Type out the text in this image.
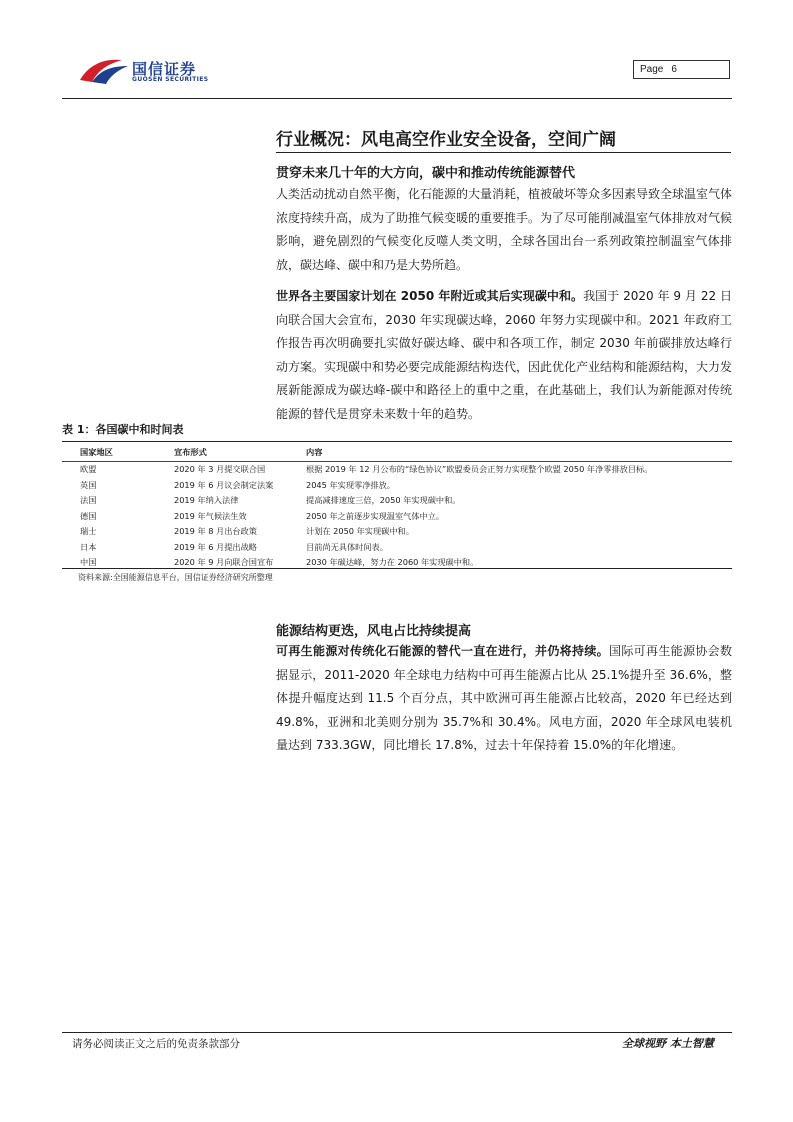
国信证券
GUOSEN SECURITIES
Page 6
行业概况：风电高空作业安全设备，空间广阔
贯穿未来几十年的大方向，碳中和推动传统能源替代
人类活动扰动自然平衡，化石能源的大量消耗，植被破坏等众多因素导致全球温室气体浓度持续升高，成为了助推气候变暖的重要推手。为了尽可能削减温室气体排放对气候影响，避免剧烈的气候变化反噬人类文明，全球各国出台一系列政策控制温室气体排放，碳达峰、碳中和乃是大势所趋。
世界各主要国家计划在 2050 年附近或其后实现碳中和。我国于 2020 年 9 月 22 日向联合国大会宣布，2030 年实现碳达峰，2060 年努力实现碳中和。2021 年政府工作报告再次明确要扎实做好碳达峰、碳中和各项工作，制定 2030 年前碳排放达峰行动方案。实现碳中和势必要完成能源结构迭代，因此优化产业结构和能源结构，大力发展新能源成为碳达峰-碳中和路径上的重中之重，在此基础上，我们认为新能源对传统能源的替代是贯穿未来数十年的趋势。
表 1：各国碳中和时间表
国家地区	宣布形式	内容
欧盟	2020 年 3 月提交联合国	根据 2019 年 12 月公布的“绿色协议”欧盟委员会正努力实现整个欧盟 2050 年净零排放目标。
英国	2019 年 6 月议会制定法案	2045 年实现零净排放。
法国	2019 年纳入法律	提高减排速度三倍，2050 年实现碳中和。
德国	2019 年气候法生效	2050 年之前逐步实现温室气体中立。
瑞士	2019 年 8 月出台政策	计划在 2050 年实现碳中和。
日本	2019 年 6 月提出战略	目前尚无具体时间表。
中国	2020 年 9 月向联合国宣布	2030 年碳达峰，努力在 2060 年实现碳中和。
资料来源:全国能源信息平台，国信证券经济研究所整理
能源结构更迭，风电占比持续提高
可再生能源对传统化石能源的替代一直在进行，并仍将持续。国际可再生能源协会数据显示，2011-2020 年全球电力结构中可再生能源占比从 25.1%提升至 36.6%，整体提升幅度达到 11.5 个百分点，其中欧洲可再生能源占比较高，2020 年已经达到 49.8%，亚洲和北美则分别为 35.7%和 30.4%。风电方面，2020 年全球风电装机量达到 733.3GW，同比增长 17.8%，过去十年保持着 15.0%的年化增速。
请务必阅读正文之后的免责条款部分	全球视野 本土智慧
